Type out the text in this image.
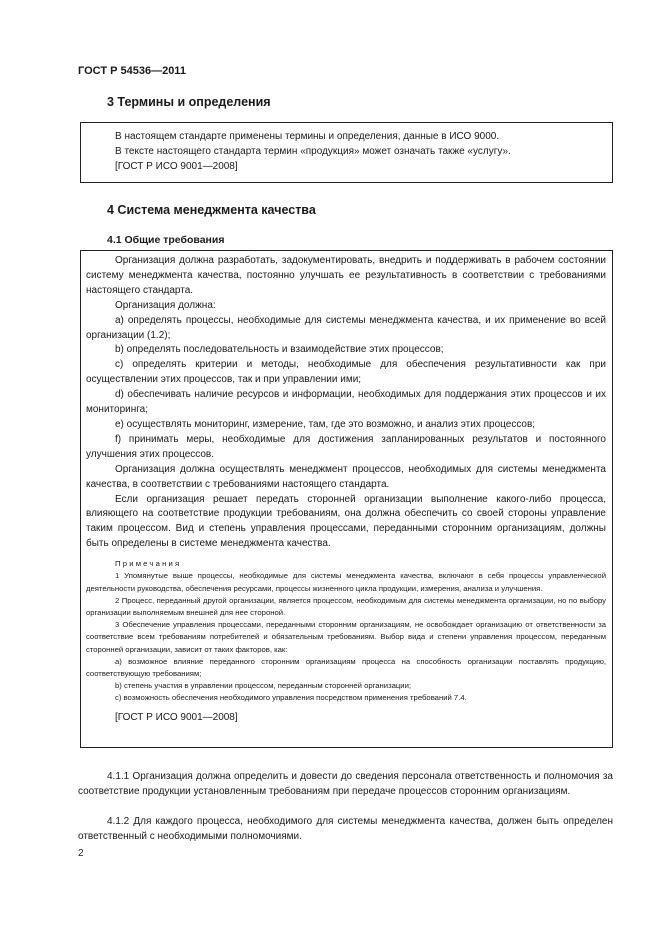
ГОСТ Р 54536—2011
3 Термины и определения

В настоящем стандарте применены термины и определения, данные в ИСО 9000.

В тексте настоящего стандарта термин «продукция» может означать также «услугу».

[ГОСТ Р ИСО 9001—2008]

4 Система менеджмента качества
4.1 Общие требования

Организация должна разработать, задокументировать, внедрить и поддерживать в рабочем состоянии систему менеджмента качества, постоянно улучшать ее результативность в соответствии с требованиями настоящего стандарта.

Организация должна:

a) определять процессы, необходимые для системы менеджмента качества, и их применение во всей организации (1.2);

b) определять последовательность и взаимодействие этих процессов;

c) определять критерии и методы, необходимые для обеспечения результативности как при осуществлении этих процессов, так и при управлении ими;

d) обеспечивать наличие ресурсов и информации, необходимых для поддержания этих процессов и их мониторинга;

e) осуществлять мониторинг, измерение, там, где это возможно, и анализ этих процессов;

f) принимать меры, необходимые для достижения запланированных результатов и постоянного улучшения этих процессов.

Организация должна осуществлять менеджмент процессов, необходимых для системы менеджмента качества, в соответствии с требованиями настоящего стандарта.

Если организация решает передать сторонней организации выполнение какого-либо процесса, влияющего на соответствие продукции требованиям, она должна обеспечить со своей стороны управление таким процессом. Вид и степень управления процессами, переданными сторонним организациям, должны быть определены в системе менеджмента качества.

Примечания

1 Упомянутые выше процессы, необходимые для системы менеджмента качества, включают в себя процессы управленческой деятельности руководства, обеспечения ресурсами, процессы жизненного цикла продукции, измерения, анализа и улучшения.

2 Процесс, переданный другой организации, является процессом, необходимым для системы менеджмента организации, но по выбору организации выполняемым внешней для нее стороной.

3 Обеспечение управления процессами, переданными сторонним организациям, не освобождает организацию от ответственности за соответствие всем требованиям потребителей и обязательным требованиям. Выбор вида и степени управления процессом, переданным сторонней организации, зависит от таких факторов, как:

a) возможное влияние переданного сторонним организациям процесса на способность организации поставлять продукцию, соответствующую требованиям;

b) степень участия в управлении процессом, переданным сторонней организации;

c) возможность обеспечения необходимого управления посредством применения требований 7.4.

[ГОСТ Р ИСО 9001—2008]

4.1.1 Организация должна определить и довести до сведения персонала ответственность и полномочия за соответствие продукции установленным требованиям при передаче процессов сторонним организациям.

4.1.2 Для каждого процесса, необходимого для системы менеджмента качества, должен быть определен ответственный с необходимыми полномочиями.

2
